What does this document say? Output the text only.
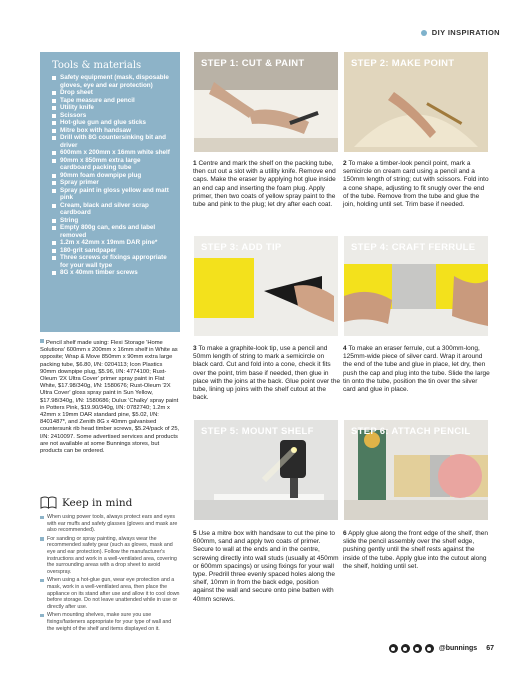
DIY INSPIRATION
Tools & materials
Safety equipment (mask, disposable gloves, eye and ear protection)
Drop sheet
Tape measure and pencil
Utility knife
Scissors
Hot-glue gun and glue sticks
Mitre box with handsaw
Drill with 8G countersinking bit and driver
600mm x 200mm x 16mm white shelf
90mm x 850mm extra large cardboard packing tube
90mm foam downpipe plug
Spray primer
Spray paint in gloss yellow and matt pink
Cream, black and silver scrap cardboard
String
Empty 800g can, ends and label removed
1.2m x 42mm x 19mm DAR pine*
180-grit sandpaper
Three screws or fixings appropriate for your wall type
8G x 40mm timber screws
Pencil shelf made using: Flexi Storage 'Home Solutions' 600mm x 200mm x 16mm shelf in White as opposite; Wrap & Move 850mm x 90mm extra large packing tube, $6.80, I/N: 0204113; Icon Plastics 90mm downpipe plug, $5.96, I/N: 4774100; Rust-Oleum '2X Ultra Cover' primer spray paint in Flat White, $17.98/340g, I/N: 1580676; Rust-Oleum '2X Ultra Cover' gloss spray paint in Sun Yellow, $17.98/340g, I/N: 1580686; Dulux 'Chalky' spray paint in Potters Pink, $19.90/340g, I/N: 0782740; 1.2m x 42mm x 19mm DAR standard pine, $5.02, I/N: 8401487*, and Zenith 8G x 40mm galvanised countersunk rib head timber screws, $5.24/pack of 25, I/N: 2410097. Some advertised services and products are not available at some Bunnings stores, but products can be ordered.
Keep in mind
When using power tools, always protect ears and eyes with ear muffs and safety glasses (gloves and mask are also recommended).
For sanding or spray painting, always wear the recommended safety gear (such as gloves, mask and eye and ear protection). Follow the manufacturer's instructions and work in a well-ventilated area, covering the surrounding areas with a drop sheet to avoid overspray.
When using a hot-glue gun, wear eye protection and a mask, work in a well-ventilated area, then place the appliance on its stand after use and allow it to cool down before storage. Do not leave unattended while in use or directly after use.
When mounting shelves, make sure you use fixings/fasteners appropriate for your type of wall and the weight of the shelf and items displayed on it.
STEP 1: CUT & PAINT
1 Centre and mark the shelf on the packing tube, then cut out a slot with a utility knife. Remove end caps. Make the eraser by applying hot glue inside an end cap and inserting the foam plug. Apply primer, then two coats of yellow spray paint to the tube and pink to the plug; let dry after each coat.
STEP 2: MAKE POINT
2 To make a timber-look pencil point, mark a semicircle on cream card using a pencil and a 150mm length of string; cut with scissors. Fold into a cone shape, adjusting to fit snugly over the end of the tube. Remove from the tube and glue the join, holding until set. Trim base if needed.
STEP 3: ADD TIP
3 To make a graphite-look tip, use a pencil and 50mm length of string to mark a semicircle on black card. Cut and fold into a cone, check it fits over the point, trim base if needed, then glue in place with the joins at the back. Glue point over the tube, lining up joins with the shelf cutout at the back.
STEP 4: CRAFT FERRULE
4 To make an eraser ferrule, cut a 300mm-long, 125mm-wide piece of silver card. Wrap it around the end of the tube and glue in place, let dry, then push the cap and plug into the tube. Slide the large tin onto the tube, position the tin over the silver card and glue in place.
STEP 5: MOUNT SHELF
5 Use a mitre box with handsaw to cut the pine to 600mm, sand and apply two coats of primer. Secure to wall at the ends and in the centre, screwing directly into wall studs (usually at 450mm or 600mm spacings) or using fixings for your wall type. Predrill three evenly spaced holes along the shelf, 10mm in from the back edge, position against the wall and secure onto pine batten with 40mm screws.
STEP 6: ATTACH PENCIL
6 Apply glue along the front edge of the shelf, then slide the pencil assembly over the shelf edge, pushing gently until the shelf rests against the inside of the tube. Apply glue into the cutout along the shelf, holding until set.
@bunnings 67
